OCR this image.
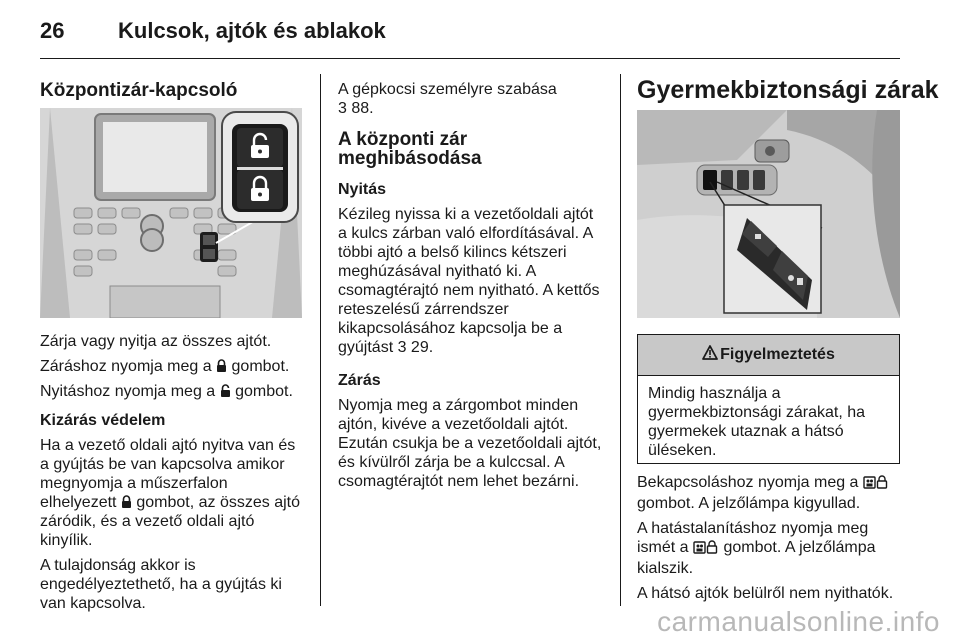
26 Kulcsok, ajtók és ablakok
Központizár-kapcsoló

Zárja vagy nyitja az összes ajtót.

Záráshoz nyomja meg a  gombot.

Nyitáshoz nyomja meg a  gombot.

Kizárás védelem

Ha a vezető oldali ajtó nyitva van és a gyújtás be van kapcsolva amikor megnyomja a műszerfalon elhelyezett  gombot, az összes ajtó záródik, és a vezető oldali ajtó kinyílik.

A tulajdonság akkor is engedélyeztethető, ha a gyújtás ki van kapcsolva.

A gépkocsi személyre szabása

3 88.

A központi zár meghibásodása

Nyitás

Kézileg nyissa ki a vezetőoldali ajtót a kulcs zárban való elfordításával. A többi ajtó a belső kilincs kétszeri meghúzásával nyitható ki. A csomagtérajtó nem nyitható. A kettős reteszelésű zárrendszer kikapcsolásához kapcsolja be a gyújtást 3 29.

Zárás

Nyomja meg a zárgombot minden ajtón, kivéve a vezetőoldali ajtót. Ezután csukja be a vezetőoldali ajtót, és kívülről zárja be a kulccsal. A csomagtérajtót nem lehet bezárni.

Gyermekbiztonsági zárak
Figyelmeztetés
Mindig használja a gyermekbiztonsági zárakat, ha gyermekek utaznak a hátsó üléseken.

Bekapcsoláshoz nyomja meg a  gombot. A jelzőlámpa kigyullad.

A hatástalanításhoz nyomja meg ismét a  gombot. A jelzőlámpa kialszik.

A hátsó ajtók belülről nem nyithatók.

carmanualsonline.info
